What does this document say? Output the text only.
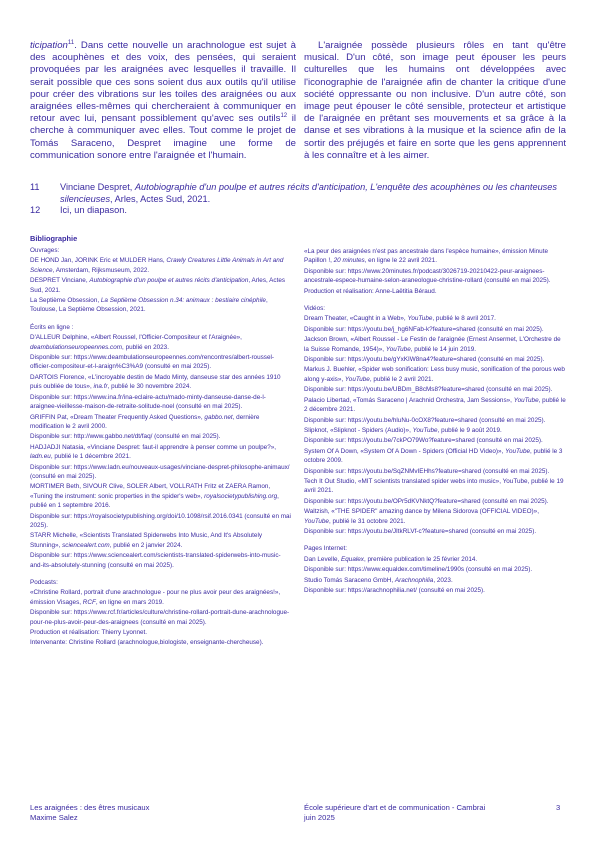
ticipation$^{11}$. Dans cette nouvelle un arachnologue est sujet à des acouphènes et des voix, des pensées, qui seraient provoquées par les araignées avec lesquelles il travaille. Il serait possible que ces sons soient dus aux outils qu'il utilise pour créer des vibrations sur les toiles des araignées ou aux araignées elles-mêmes qui chercheraient à communiquer en retour avec lui, pensant possiblement qu'avec ses outils$^{12}$ il cherche à communiquer avec elles. Tout comme le projet de Tomás Saraceno, Despret imagine une forme de communication sonore entre l'araignée et l'humain.
L'araignée possède plusieurs rôles en tant qu'être musical. D'un côté, son image peut épouser les peurs culturelles que les humains ont développées avec l'iconographie de l'araignée afin de chanter la critique d'une société oppressante ou non inclusive. D'un autre côté, son image peut épouser le côté sensible, protecteur et artistique de l'araignée en prêtant ses mouvements et sa grâce à la danse et ses vibrations à la musique et la science afin de la sortir des préjugés et faire en sorte que les gens apprennent à les connaître et à les aimer.
11	Vinciane Despret, Autobiographie d'un poulpe et autres récits d'anticipation, L'enquête des acouphènes ou les chanteuses silencieuses, Arles, Actes Sud, 2021.
12	Ici, un diapason.
Bibliographie
Ouvrages:
DE HOND Jan, JORINK Eric et MULDER Hans, Crawly Creatures Little Animals in Art and Science, Amsterdam, Rijksmuseum, 2022.
DESPRET Vinciane, Autobiographie d'un poulpe et autres récits d'anticipation, Arles, Actes Sud, 2021.
La Septième Obsession, La Septième Obsession n.34: animaux : bestiaire cinéphile, Toulouse, La Septième Obsession, 2021.
Écrits en ligne :
D'ALLEUR Delphine, «Albert Roussel, l'Officier-Compositeur et l'Araignée», deambulationseuropeennes.com, publié en 2023.
Disponible sur: https://www.deambulationseuropeennes.com/rencontres/albert-roussel-officier-compositeur-et-l-araign%C3%A9 (consulté en mai 2025).
DARTOIS Florence, «L'incroyable destin de Mado Minty, danseuse star des années 1910 puis oubliée de tous», ina.fr, publié le 30 novembre 2024.
Disponible sur: https://www.ina.fr/ina-eclaire-actu/mado-minty-danseuse-danse-de-l-araignee-vieillesse-maison-de-retraite-solitude-noel (consulté en mai 2025).
GRIFFIN Pat, «Dream Theater Frequently Asked Questions», gabbo.net, dernière modification le 2 avril 2000.
Disponible sur: http://www.gabbo.net/dt/faq/ (consulté en mai 2025).
HADJADJI Natasia, «Vinciane Despret: faut-il apprendre à penser comme un poulpe?», ladn.eu, publié le 1 décembre 2021.
Disponible sur: https://www.ladn.eu/nouveaux-usages/vinciane-despret-philosophe-animaux/ (consulté en mai 2025).
MORTIMER Beth, SIVOUR Clive, SOLER Albert, VOLLRATH Fritz et ZAERA Ramon, «Tuning the instrument: sonic properties in the spider's web», royalsocietypublishing.org, publié en 1 septembre 2016.
Disponible sur: https://royalsocietypublishing.org/doi/10.1098/rsif.2016.0341 (consulté en mai 2025).
STARR Michelle, «Scientists Translated Spiderwebs Into Music, And It's Absolutely Stunning», sciencealert.com, publié en 2 janvier 2024.
Disponible sur: https://www.sciencealert.com/scientists-translated-spiderwebs-into-music-and-its-absolutely-stunning (consulté en mai 2025).
Podcasts:
«Christine Rollard, portrait d'une arachnologue - pour ne plus avoir peur des araignées!», émission Visages, RCF, en ligne en mars 2019.
Disponible sur: https://www.rcf.fr/articles/culture/christine-rollard-portrait-dune-arachnologue-pour-ne-plus-avoir-peur-des-araignees (consulté en mai 2025).
Production et réalisation: Thierry Lyonnet.
Intervenante: Christine Rollard (arachnologue,biologiste, enseignante-chercheuse).
«La peur des araignées n'est pas ancestrale dans l'espèce humaine», émission Minute Papillon !, 20 minutes, en ligne le 22 avril 2021.
Disponible sur: https://www.20minutes.fr/podcast/3026719-20210422-peur-araignees-ancestrale-espece-humaine-selon-araneologue-christine-rollard (consulté en mai 2025).
Production et réalisation: Anne-Laëtitia Béraud.
Vidéos:
Dream Theater, «Caught in a Web», YouTube, publié le 8 avril 2017.
Disponible sur: https://youtu.be/j_hg6NFab-k?feature=shared (consulté en mai 2025).
Jackson Brown, «Albert Roussel - Le Festin de l'araignée (Ernest Ansermet, L'Orchestre de la Suisse Romande, 1954)», YouTube, publié le 14 juin 2019.
Disponible sur: https://youtu.be/gYxKIW8na4?feature=shared (consulté en mai 2025).
Markus J. Buehler, «Spider web sonification: Less busy music, sonification of the porous web along y-axis», YouTube, publié le 2 avril 2021.
Disponible sur: https://youtu.be/UBDm_B8cMs8?feature=shared (consulté en mai 2025).
Palacio Libertad, «Tomás Saraceno | Arachnid Orchestra, Jam Sessions», YouTube, publié le 2 décembre 2021.
Disponible sur: https://youtu.be/hluNu-0cOX8?feature=shared (consulté en mai 2025).
Slipknot, «Slipknot - Spiders (Audio)», YouTube, publié le 9 août 2019.
Disponible sur: https://youtu.be/7ckPO79Wo?feature=shared (consulté en mai 2025).
System Of A Down, «System Of A Down - Spiders (Official HD Video)», YouTube, publié le 3 octobre 2009.
Disponible sur: https://youtu.be/SqZNMvIEHhs?feature=shared (consulté en mai 2025).
Tech It Out Studio, «MIT scientists translated spider webs into music», YouTube, publié le 19 avril 2021.
Disponible sur: https://youtu.be/OPr5dKVNktQ?feature=shared (consulté en mai 2025).
Waltzish, «"THE SPIDER" amazing dance by Milena Sidorova (OFFICIAL VIDEO)», YouTube, publié le 31 octobre 2021.
Disponible sur: https://youtu.be/JItkRLVf-c?feature=shared (consulté en mai 2025).
Pages Internet:
Dan Levelle, Equalex, première publication le 25 février 2014.
Disponible sur: https://www.equaldex.com/timeline/1990s (consulté en mai 2025).
Studio Tomás Saraceno GmbH, Arachnophilia, 2023.
Disponible sur: https://arachnophilia.net/ (consulté en mai 2025).
Les araignées : des êtres musicaux
Maxime Salez
École supérieure d'art et de communication - Cambrai
juin 2025
3
